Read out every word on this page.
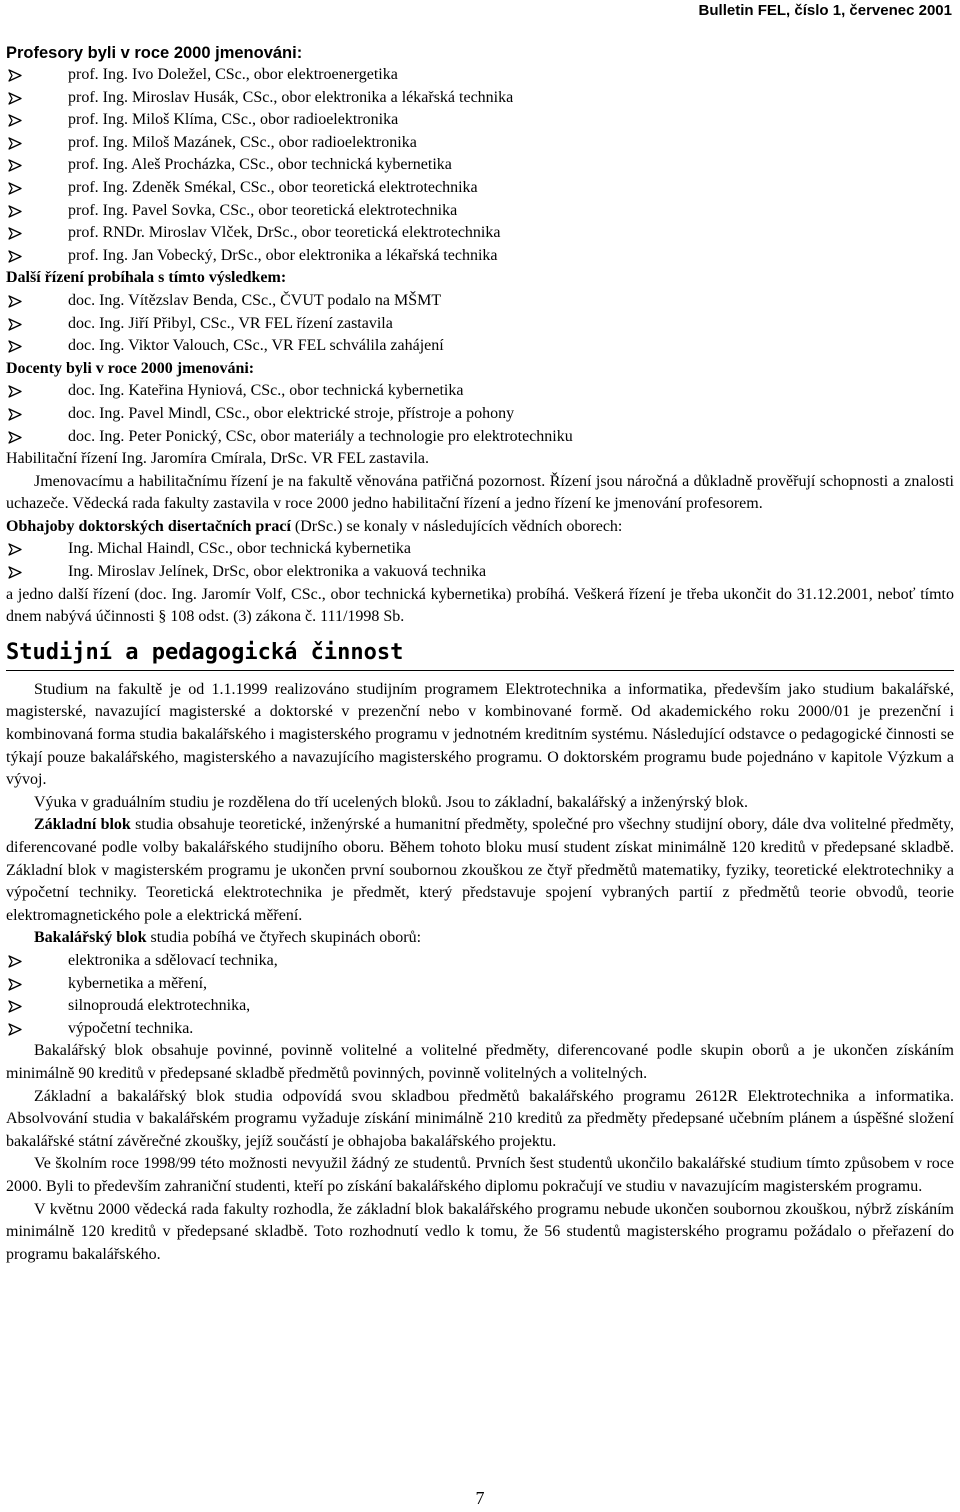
Bulletin FEL, číslo 1, červenec 2001
Profesory byli v roce 2000 jmenováni:
prof. Ing. Ivo Doležel, CSc., obor elektroenergetika
prof. Ing. Miroslav Husák, CSc., obor elektronika a lékařská technika
prof. Ing. Miloš Klíma, CSc., obor radioelektronika
prof. Ing. Miloš Mazánek, CSc., obor radioelektronika
prof. Ing. Aleš Procházka, CSc., obor technická kybernetika
prof. Ing. Zdeněk Smékal, CSc., obor teoretická elektrotechnika
prof. Ing. Pavel Sovka, CSc., obor teoretická elektrotechnika
prof. RNDr. Miroslav Vlček, DrSc., obor teoretická elektrotechnika
prof. Ing. Jan Vobecký, DrSc., obor elektronika a lékařská technika
Další řízení probíhala s tímto výsledkem:
doc. Ing. Vítězslav Benda, CSc., ČVUT podalo na MŠMT
doc. Ing. Jiří Přibyl, CSc., VR FEL řízení zastavila
doc. Ing. Viktor Valouch, CSc., VR FEL schválila zahájení
Docenty byli v roce 2000 jmenováni:
doc. Ing. Kateřina Hyniová, CSc., obor technická kybernetika
doc. Ing. Pavel Mindl, CSc., obor elektrické stroje, přístroje a pohony
doc. Ing. Peter Ponický, CSc, obor materiály a technologie pro elektrotechniku

Habilitační řízení Ing. Jaromíra Cmírala, DrSc. VR FEL zastavila.

Jmenovacímu a habilitačnímu řízení je na fakultě věnována patřičná pozornost. Řízení jsou náročná a důkladně prověřují schopnosti a znalosti uchazeče. Vědecká rada fakulty zastavila v roce 2000 jedno habilitační řízení a jedno řízení ke jmenování profesorem.

Obhajoby doktorských disertačních prací (DrSc.) se konaly v následujících vědních oborech:

Ing. Michal Haindl, CSc., obor technická kybernetika
Ing. Miroslav Jelínek, DrSc, obor elektronika a vakuová technika

a jedno další řízení (doc. Ing. Jaromír Volf, CSc., obor technická kybernetika) probíhá. Veškerá řízení je třeba ukončit do 31.12.2001, neboť tímto dnem nabývá účinnosti § 108 odst. (3) zákona č. 111/1998 Sb.

Studijní a pedagogická činnost

Studium na fakultě je od 1.1.1999 realizováno studijním programem Elektrotechnika a informatika, především jako studium bakalářské, magisterské, navazující magisterské a doktorské v prezenční nebo v kombinované formě. Od akademického roku 2000/01 je prezenční i kombinovaná forma studia bakalářského i magisterského programu v jednotném kreditním systému. Následující odstavce o pedagogické činnosti se týkají pouze bakalářského, magisterského a navazujícího magisterského programu. O doktorském programu bude pojednáno v kapitole Výzkum a vývoj.

Výuka v graduálním studiu je rozdělena do tří ucelených bloků. Jsou to základní, bakalářský a inženýrský blok.

Základní blok studia obsahuje teoretické, inženýrské a humanitní předměty, společné pro všechny studijní obory, dále dva volitelné předměty, diferencované podle volby bakalářského studijního oboru. Během tohoto bloku musí student získat minimálně 120 kreditů v předepsané skladbě. Základní blok v magisterském programu je ukončen první soubornou zkouškou ze čtyř předmětů matematiky, fyziky, teoretické elektrotechniky a výpočetní techniky. Teoretická elektrotechnika je předmět, který představuje spojení vybraných partií z předmětů teorie obvodů, teorie elektromagnetického pole a elektrická měření.

Bakalářský blok studia pobíhá ve čtyřech skupinách oborů:

elektronika a sdělovací technika,
kybernetika a měření,
silnoproudá elektrotechnika,
výpočetní technika.

Bakalářský blok obsahuje povinné, povinně volitelné a volitelné předměty, diferencované podle skupin oborů a je ukončen získáním minimálně 90 kreditů v předepsané skladbě předmětů povinných, povinně volitelných a volitelných.

Základní a bakalářský blok studia odpovídá svou skladbou předmětů bakalářského programu 2612R Elektrotechnika a informatika. Absolvování studia v bakalářském programu vyžaduje získání minimálně 210 kreditů za předměty předepsané učebním plánem a úspěšné složení bakalářské státní závěrečné zkoušky, jejíž součástí je obhajoba bakalářského projektu.

Ve školním roce 1998/99 této možnosti nevyužil žádný ze studentů. Prvních šest studentů ukončilo bakalářské studium tímto způsobem v roce 2000. Byli to především zahraniční studenti, kteří po získání bakalářského diplomu pokračují ve studiu v navazujícím magisterském programu.

V květnu 2000 vědecká rada fakulty rozhodla, že základní blok bakalářského programu nebude ukončen soubornou zkouškou, nýbrž získáním minimálně 120 kreditů v předepsané skladbě. Toto rozhodnutí vedlo k tomu, že 56 studentů magisterského programu požádalo o přeřazení do programu bakalářského.

7
